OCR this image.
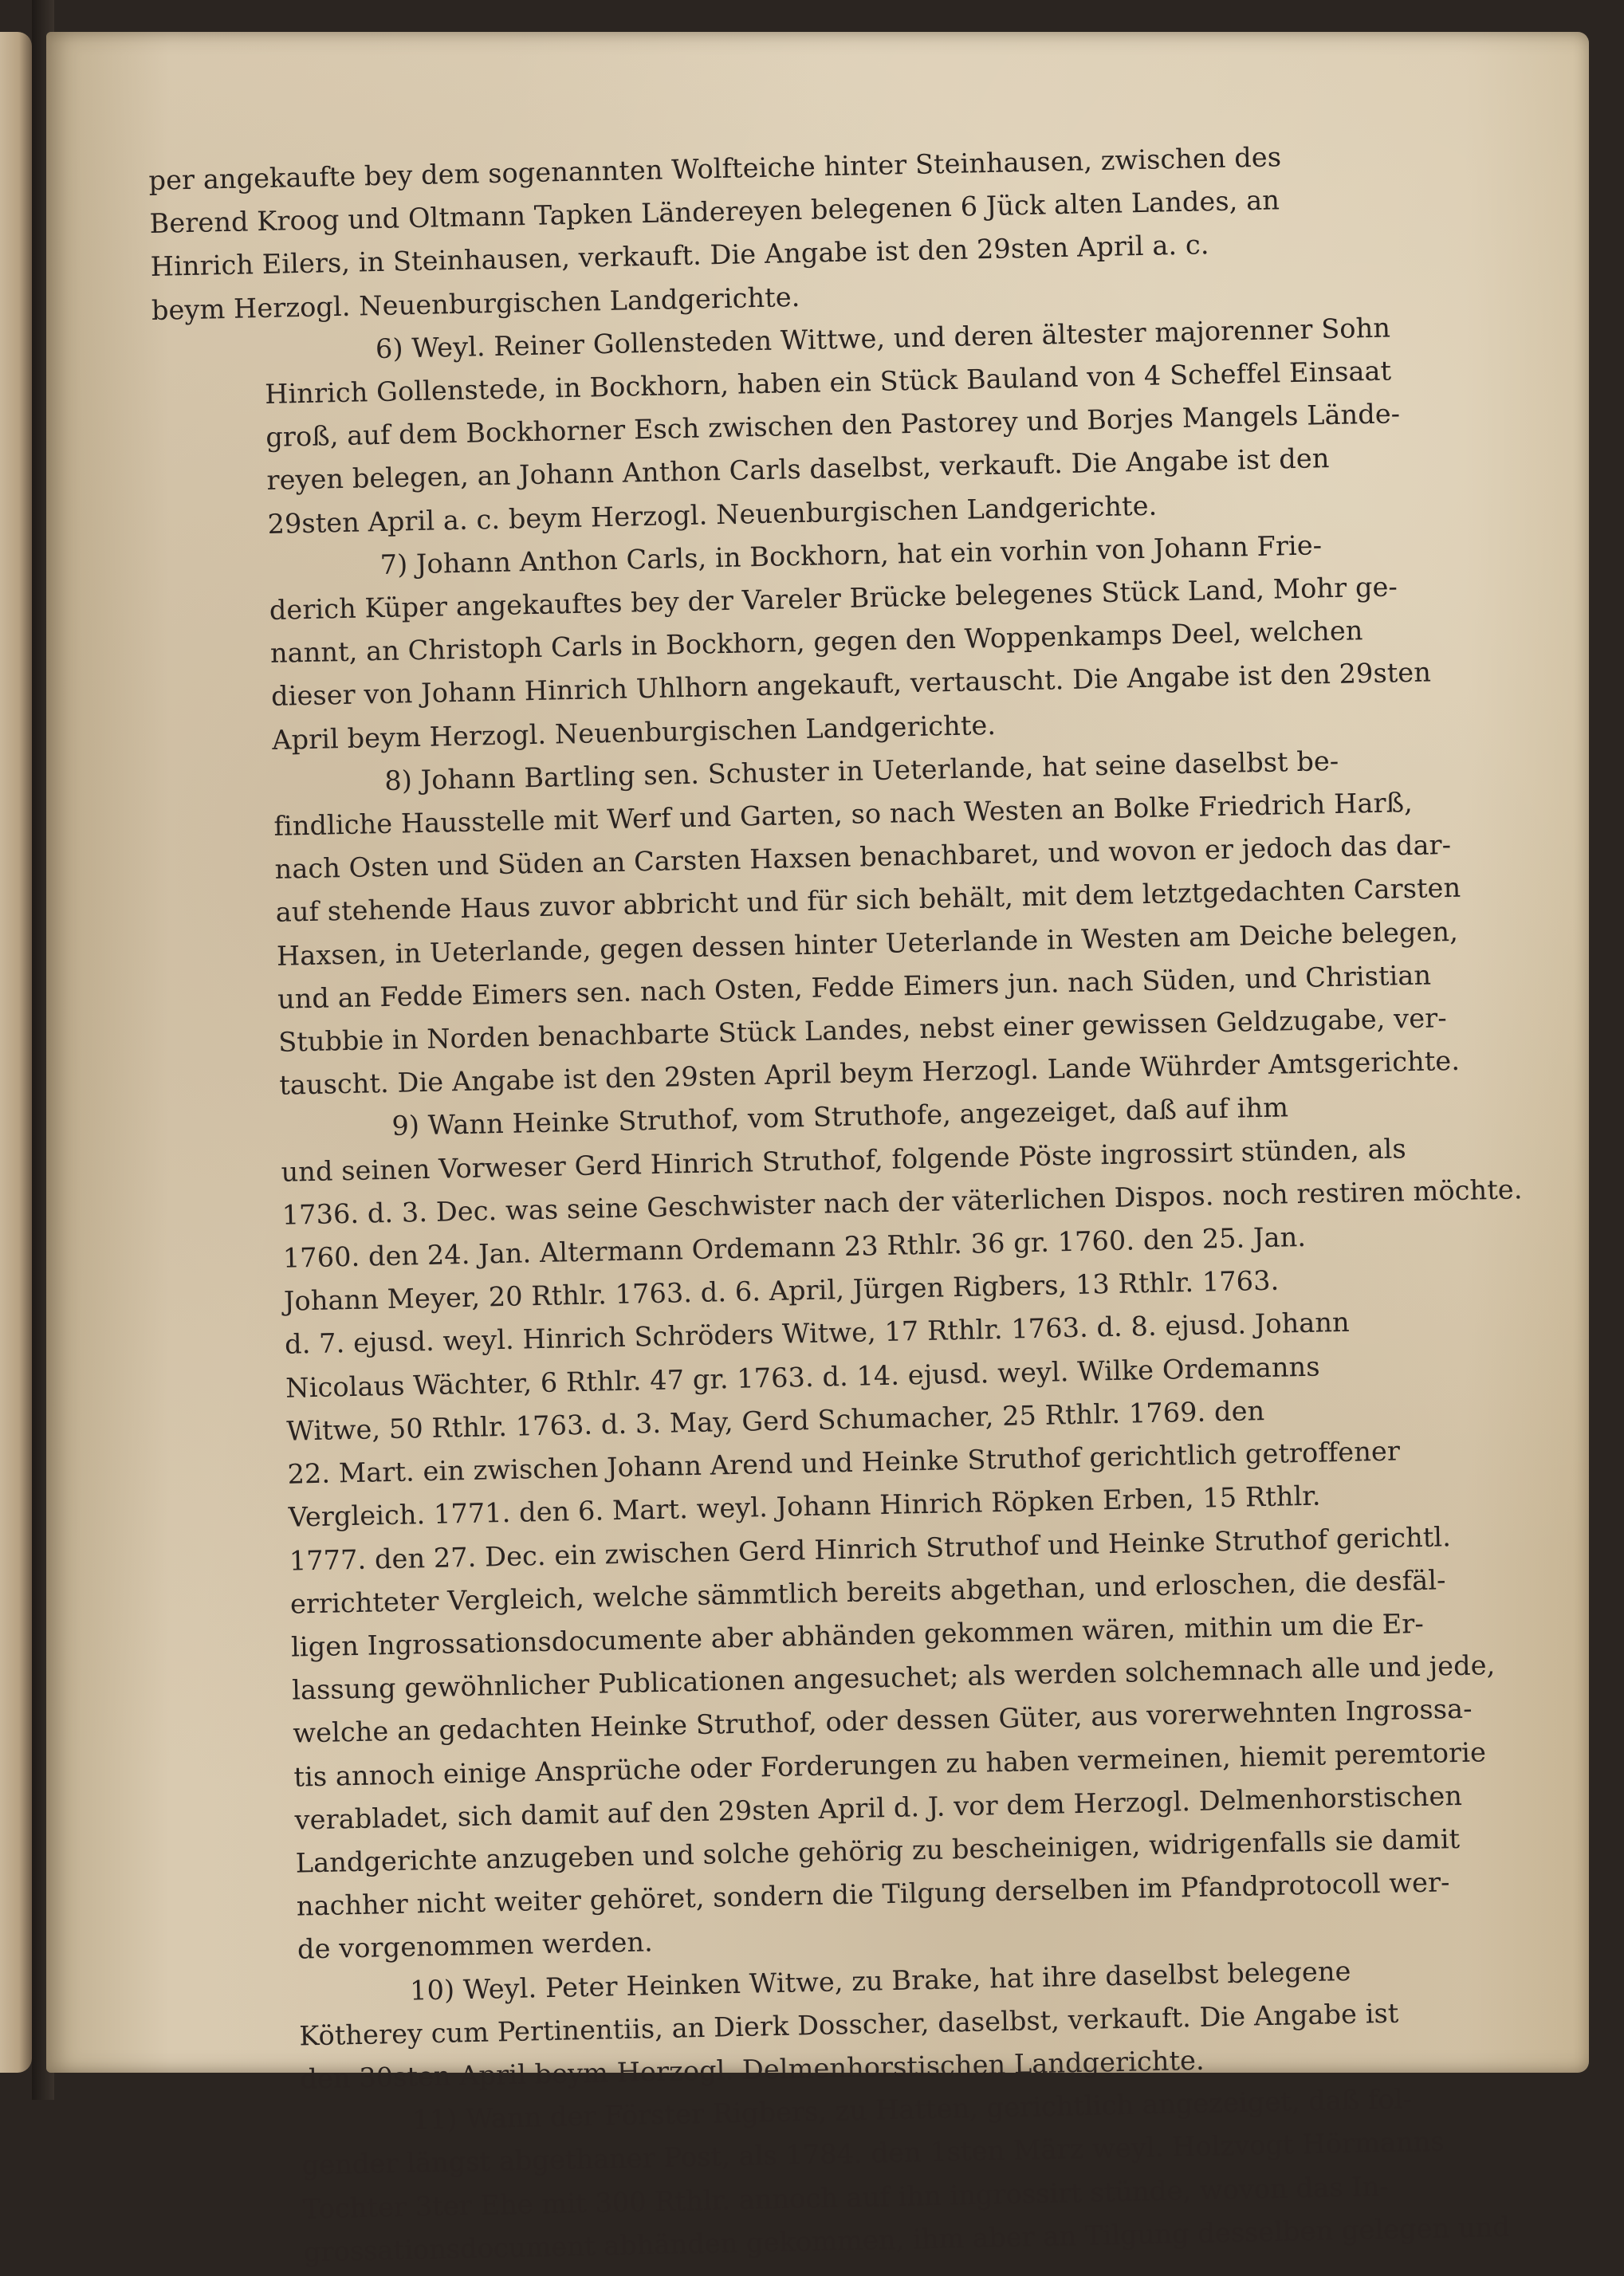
per angekaufte bey dem sogenannten Wolfteiche hinter Steinhausen, zwischen des
Berend Kroog und Oltmann Tapken Ländereyen belegenen 6 Jück alten Landes, an
Hinrich Eilers, in Steinhausen, verkauft. Die Angabe ist den 29sten April a. c.
beym Herzogl. Neuenburgischen Landgerichte.
6) Weyl. Reiner Gollensteden Wittwe, und deren ältester majorenner Sohn
Hinrich Gollenstede, in Bockhorn, haben ein Stück Bauland von 4 Scheffel Einsaat
groß, auf dem Bockhorner Esch zwischen den Pastorey und Borjes Mangels Lände-
reyen belegen, an Johann Anthon Carls daselbst, verkauft. Die Angabe ist den
29sten April a. c. beym Herzogl. Neuenburgischen Landgerichte.
7) Johann Anthon Carls, in Bockhorn, hat ein vorhin von Johann Frie-
derich Küper angekauftes bey der Vareler Brücke belegenes Stück Land, Mohr ge-
nannt, an Christoph Carls in Bockhorn, gegen den Woppenkamps Deel, welchen
dieser von Johann Hinrich Uhlhorn angekauft, vertauscht. Die Angabe ist den 29sten
April beym Herzogl. Neuenburgischen Landgerichte.
8) Johann Bartling sen. Schuster in Ueterlande, hat seine daselbst be-
findliche Hausstelle mit Werf und Garten, so nach Westen an Bolke Friedrich Harß,
nach Osten und Süden an Carsten Haxsen benachbaret, und wovon er jedoch das dar-
auf stehende Haus zuvor abbricht und für sich behält, mit dem letztgedachten Carsten
Haxsen, in Ueterlande, gegen dessen hinter Ueterlande in Westen am Deiche belegen,
und an Fedde Eimers sen. nach Osten, Fedde Eimers jun. nach Süden, und Christian
Stubbie in Norden benachbarte Stück Landes, nebst einer gewissen Geldzugabe, ver-
tauscht. Die Angabe ist den 29sten April beym Herzogl. Lande Wührder Amtsgerichte.
9) Wann Heinke Struthof, vom Struthofe, angezeiget, daß auf ihm
und seinen Vorweser Gerd Hinrich Struthof, folgende Pöste ingrossirt stünden, als
1736. d. 3. Dec. was seine Geschwister nach der väterlichen Dispos. noch restiren möchte.
1760. den 24. Jan. Altermann Ordemann 23 Rthlr. 36 gr. 1760. den 25. Jan.
Johann Meyer, 20 Rthlr. 1763. d. 6. April, Jürgen Rigbers, 13 Rthlr. 1763.
d. 7. ejusd. weyl. Hinrich Schröders Witwe, 17 Rthlr. 1763. d. 8. ejusd. Johann
Nicolaus Wächter, 6 Rthlr. 47 gr. 1763. d. 14. ejusd. weyl. Wilke Ordemanns
Witwe, 50 Rthlr. 1763. d. 3. May, Gerd Schumacher, 25 Rthlr. 1769. den
22. Mart. ein zwischen Johann Arend und Heinke Struthof gerichtlich getroffener
Vergleich. 1771. den 6. Mart. weyl. Johann Hinrich Röpken Erben, 15 Rthlr.
1777. den 27. Dec. ein zwischen Gerd Hinrich Struthof und Heinke Struthof gerichtl.
errichteter Vergleich, welche sämmtlich bereits abgethan, und erloschen, die desfäl-
ligen Ingrossationsdocumente aber abhänden gekommen wären, mithin um die Er-
lassung gewöhnlicher Publicationen angesuchet; als werden solchemnach alle und jede,
welche an gedachten Heinke Struthof, oder dessen Güter, aus vorerwehnten Ingrossa-
tis annoch einige Ansprüche oder Forderungen zu haben vermeinen, hiemit peremtorie
verabladet, sich damit auf den 29sten April d. J. vor dem Herzogl. Delmenhorstischen
Landgerichte anzugeben und solche gehörig zu bescheinigen, widrigenfalls sie damit
nachher nicht weiter gehöret, sondern die Tilgung derselben im Pfandprotocoll wer-
de vorgenommen werden.
10) Weyl. Peter Heinken Witwe, zu Brake, hat ihre daselbst belegene
Kötherey cum Pertinentiis, an Dierk Dosscher, daselbst, verkauft. Die Angabe ist
den 30sten April beym Herzogl. Delmenhorstischen Landgerichte.
11) Wann der Förster Rigbers, zu Hatten, gerichtlich angezeiget, daß fol-
gender längst abgethaner Post, als 1784. den 1sten März weyl. Holzvogt Hörmanns
Tochter 3ter Ehe mit 300 Rthlr. annoch auf ihn ingrossirt stünde, wovon das In-
grossationsdocument abhänden gekommen, ihm aber an Tilgung desselben gelegen und
